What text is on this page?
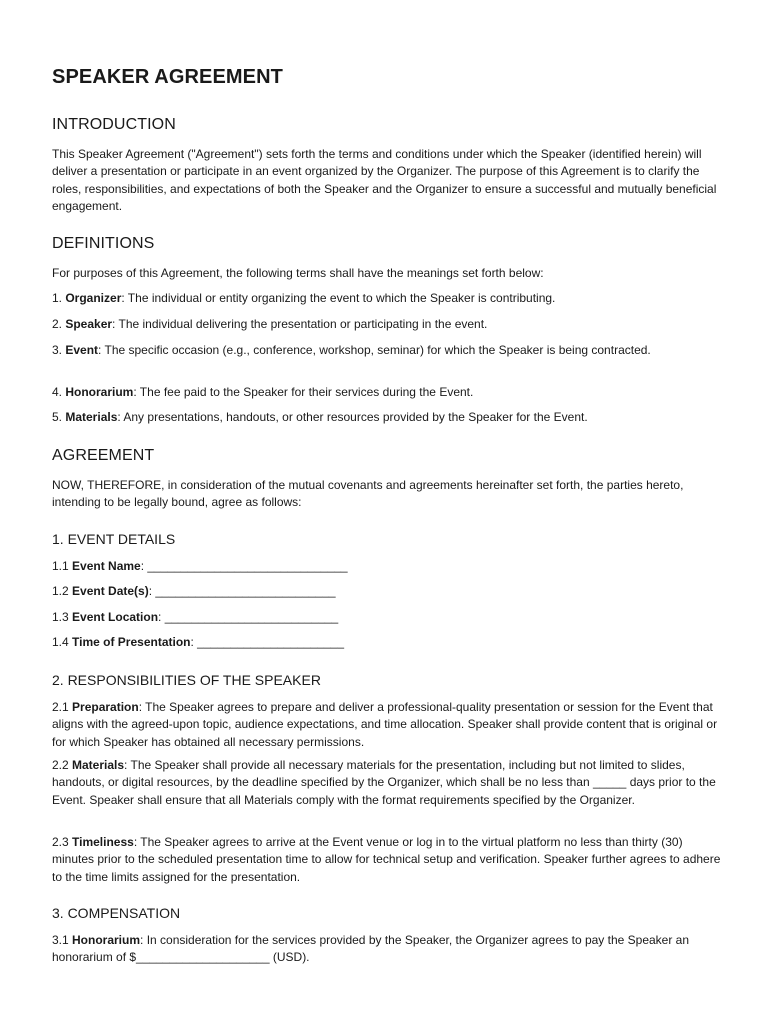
SPEAKER AGREEMENT
INTRODUCTION

This Speaker Agreement ("Agreement") sets forth the terms and conditions under which the Speaker (identified herein) will deliver a presentation or participate in an event organized by the Organizer. The purpose of this Agreement is to clarify the roles, responsibilities, and expectations of both the Speaker and the Organizer to ensure a successful and mutually beneficial engagement.

DEFINITIONS

For purposes of this Agreement, the following terms shall have the meanings set forth below:

1. Organizer: The individual or entity organizing the event to which the Speaker is contributing.

2. Speaker: The individual delivering the presentation or participating in the event.

3. Event: The specific occasion (e.g., conference, workshop, seminar) for which the Speaker is being contracted.

4. Honorarium: The fee paid to the Speaker for their services during the Event.

5. Materials: Any presentations, handouts, or other resources provided by the Speaker for the Event.

AGREEMENT

NOW, THEREFORE, in consideration of the mutual covenants and agreements hereinafter set forth, the parties hereto, intending to be legally bound, agree as follows:

1. EVENT DETAILS

1.1 Event Name: ______________________________

1.2 Event Date(s): ___________________________

1.3 Event Location: __________________________

1.4 Time of Presentation: ______________________

2. RESPONSIBILITIES OF THE SPEAKER

2.1 Preparation: The Speaker agrees to prepare and deliver a professional-quality presentation or session for the Event that aligns with the agreed-upon topic, audience expectations, and time allocation. Speaker shall provide content that is original or for which Speaker has obtained all necessary permissions.

2.2 Materials: The Speaker shall provide all necessary materials for the presentation, including but not limited to slides, handouts, or digital resources, by the deadline specified by the Organizer, which shall be no less than _____ days prior to the Event. Speaker shall ensure that all Materials comply with the format requirements specified by the Organizer.

2.3 Timeliness: The Speaker agrees to arrive at the Event venue or log in to the virtual platform no less than thirty (30) minutes prior to the scheduled presentation time to allow for technical setup and verification. Speaker further agrees to adhere to the time limits assigned for the presentation.

3. COMPENSATION

3.1 Honorarium: In consideration for the services provided by the Speaker, the Organizer agrees to pay the Speaker an honorarium of $____________________ (USD).
